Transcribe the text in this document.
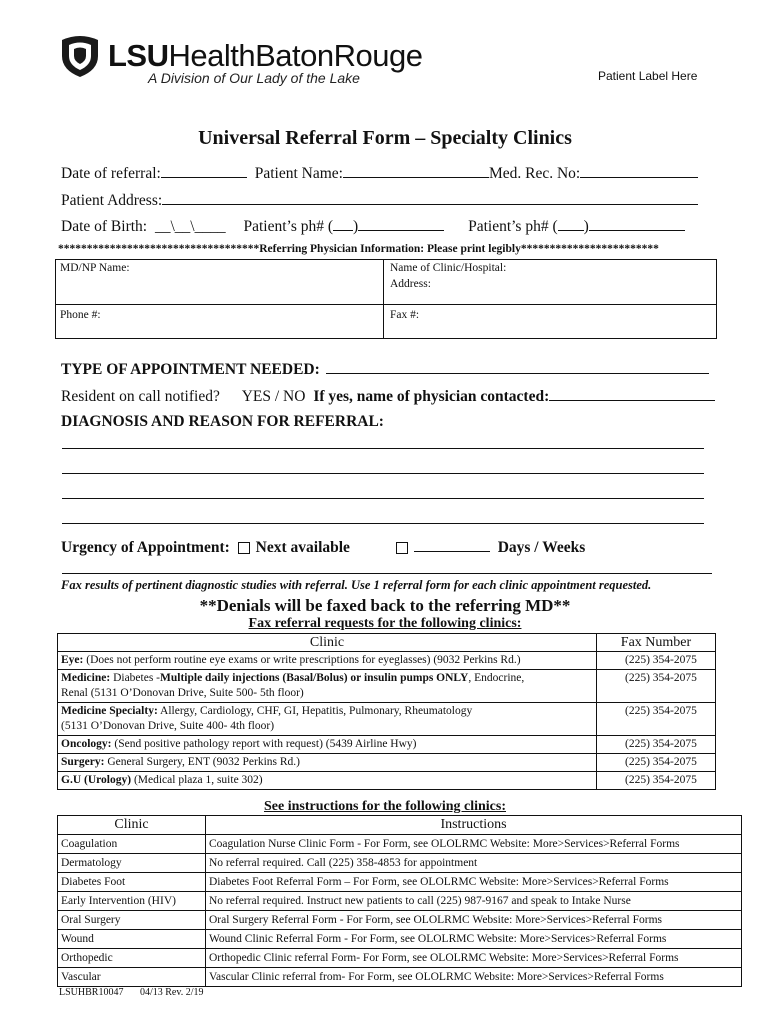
LSUHealthBatonRouge
A Division of Our Lady of the Lake	Patient Label Here
Universal Referral Form – Specialty Clinics
Date of referral:	Patient Name:	Med. Rec. No:
Patient Address:
Date of Birth: __\__\____ Patient’s ph# ( )	Patient’s ph# ( )
***********************************Referring Physician Information: Please print legibly************************
MD/NP Name:	Name of Clinic/Hospital:
Address:
Phone #:	Fax #:
TYPE OF APPOINTMENT NEEDED:
Resident on call notified? YES / NO If yes, name of physician contacted:
DIAGNOSIS AND REASON FOR REFERRAL:
Urgency of Appointment: Next available	Days / Weeks
Fax results of pertinent diagnostic studies with referral. Use 1 referral form for each clinic appointment requested.
**Denials will be faxed back to the referring MD**
Fax referral requests for the following clinics:
Clinic	Fax Number
Eye: (Does not perform routine eye exams or write prescriptions for eyeglasses) (9032 Perkins Rd.)	(225) 354-2075
Medicine: Diabetes -Multiple daily injections (Basal/Bolus) or insulin pumps ONLY, Endocrine,
Renal (5131 O’Donovan Drive, Suite 500- 5th floor)	(225) 354-2075
Medicine Specialty: Allergy, Cardiology, CHF, GI, Hepatitis, Pulmonary, Rheumatology
(5131 O’Donovan Drive, Suite 400- 4th floor)	(225) 354-2075
Oncology: (Send positive pathology report with request) (5439 Airline Hwy)	(225) 354-2075
Surgery: General Surgery, ENT (9032 Perkins Rd.)	(225) 354-2075
G.U (Urology) (Medical plaza 1, suite 302)	(225) 354-2075
See instructions for the following clinics:
Clinic	Instructions
Coagulation	Coagulation Nurse Clinic Form - For Form, see OLOLRMC Website: More>Services>Referral Forms
Dermatology	No referral required. Call (225) 358-4853 for appointment
Diabetes Foot	Diabetes Foot Referral Form – For Form, see OLOLRMC Website: More>Services>Referral Forms
Early Intervention (HIV)	No referral required. Instruct new patients to call (225) 987-9167 and speak to Intake Nurse
Oral Surgery	Oral Surgery Referral Form - For Form, see OLOLRMC Website: More>Services>Referral Forms
Wound	Wound Clinic Referral Form - For Form, see OLOLRMC Website: More>Services>Referral Forms
Orthopedic	Orthopedic Clinic referral Form- For Form, see OLOLRMC Website: More>Services>Referral Forms
Vascular	Vascular Clinic referral from- For Form, see OLOLRMC Website: More>Services>Referral Forms
LSUHBR10047 04/13 Rev. 2/19
